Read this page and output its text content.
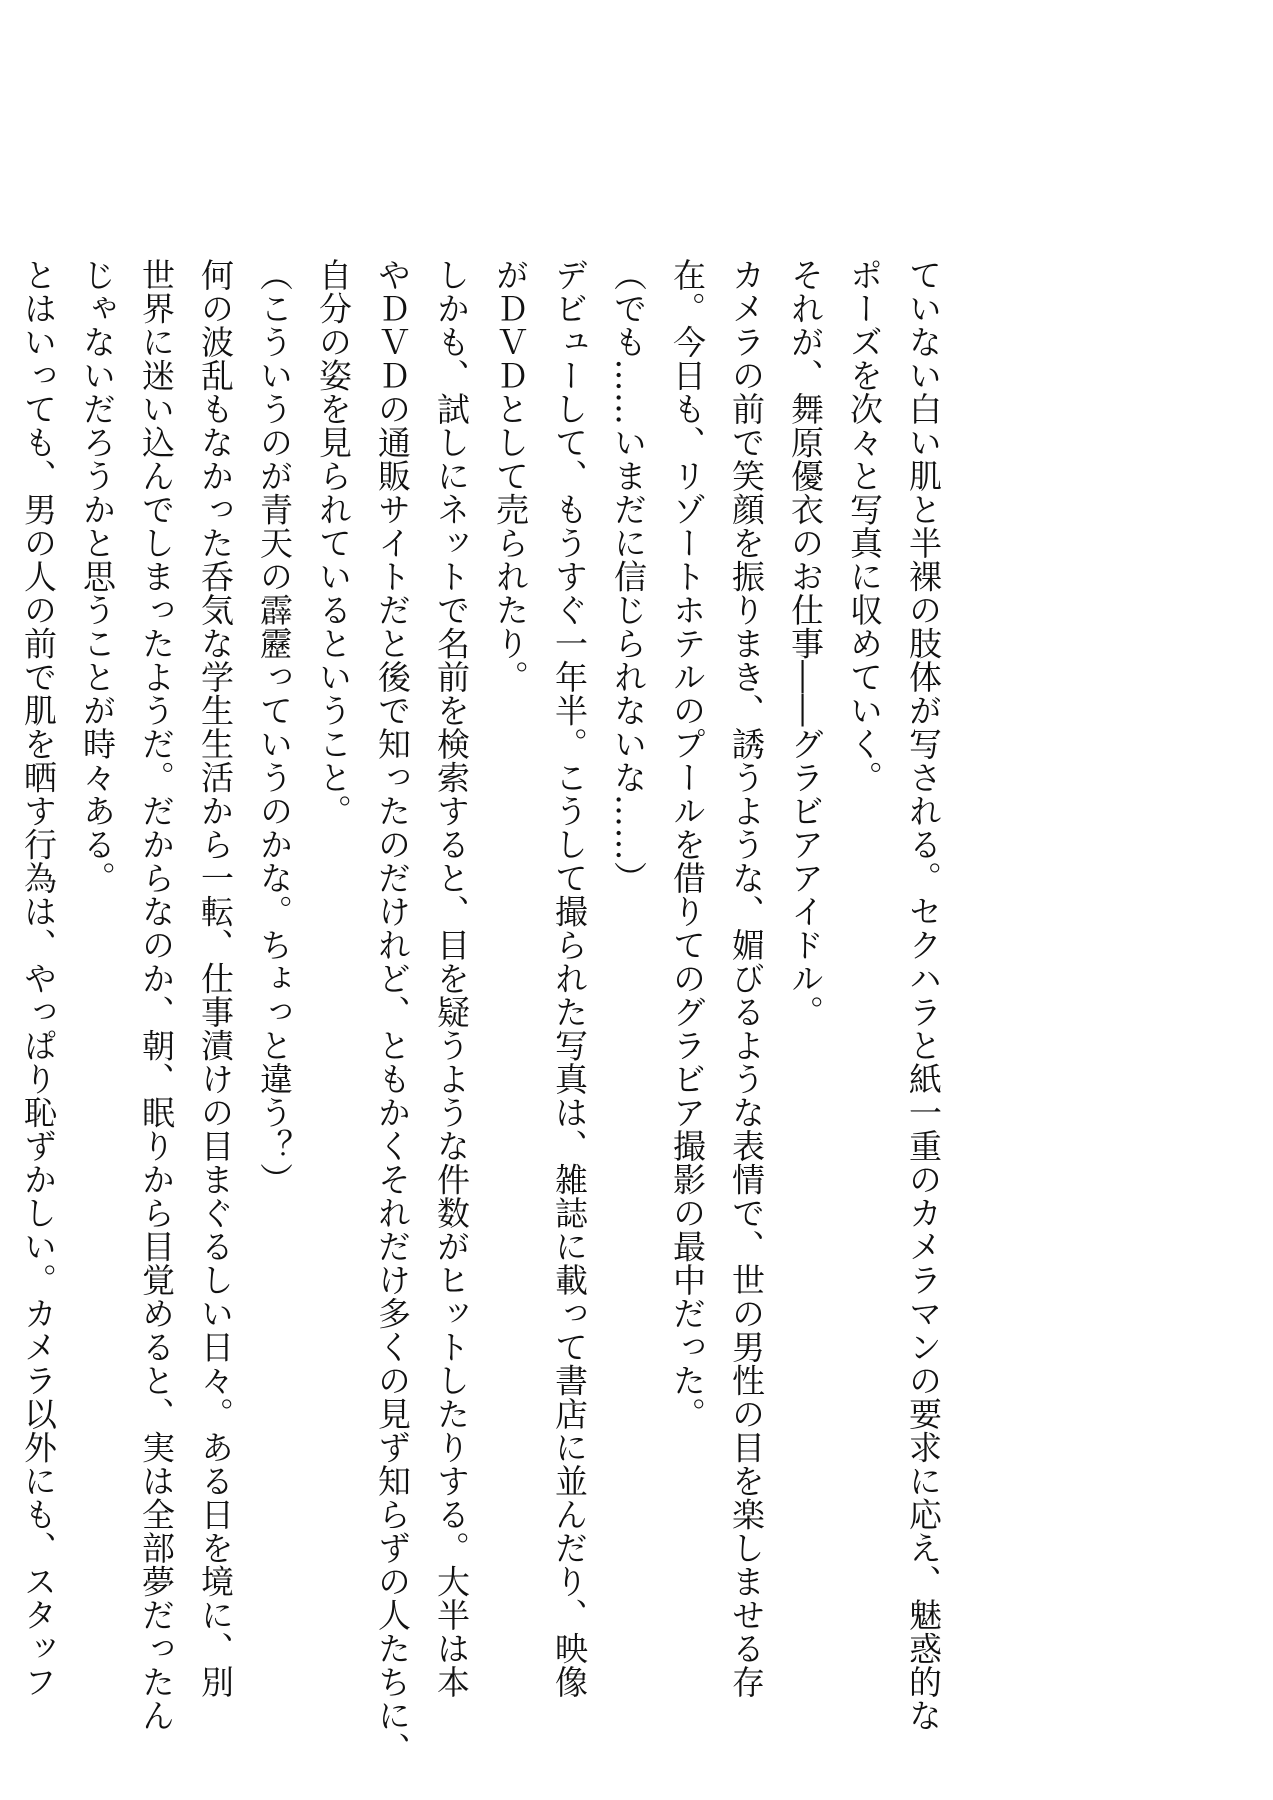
ていない白い肌と半裸の肢体が写される。セクハラと紙一重のカメラマンの要求に応え、魅惑的な
ポーズを次々と写真に収めていく。
それが、舞原優衣のお仕事――グラビアアイドル。
カメラの前で笑顔を振りまき、誘うような、媚びるような表情で、世の男性の目を楽しませる存
在。今日も、リゾートホテルのプールを借りてのグラビア撮影の最中だった。
（でも……いまだに信じられないな……）
デビューして、もうすぐ一年半。こうして撮られた写真は、雑誌に載って書店に並んだり、映像
がＤＶＤとして売られたり。
しかも、試しにネットで名前を検索すると、目を疑うような件数がヒットしたりする。大半は本
やＤＶＤの通販サイトだと後で知ったのだけれど、ともかくそれだけ多くの見ず知らずの人たちに、
自分の姿を見られているということ。
（こういうのが青天の霹靂っていうのかな。ちょっと違う？）
何の波乱もなかった呑気な学生生活から一転、仕事漬けの目まぐるしい日々。ある日を境に、別
世界に迷い込んでしまったようだ。だからなのか、朝、眠りから目覚めると、実は全部夢だったん
じゃないだろうかと思うことが時々ある。
とはいっても、男の人の前で肌を晒す行為は、やっぱり恥ずかしい。カメラ以外にも、スタッフ
